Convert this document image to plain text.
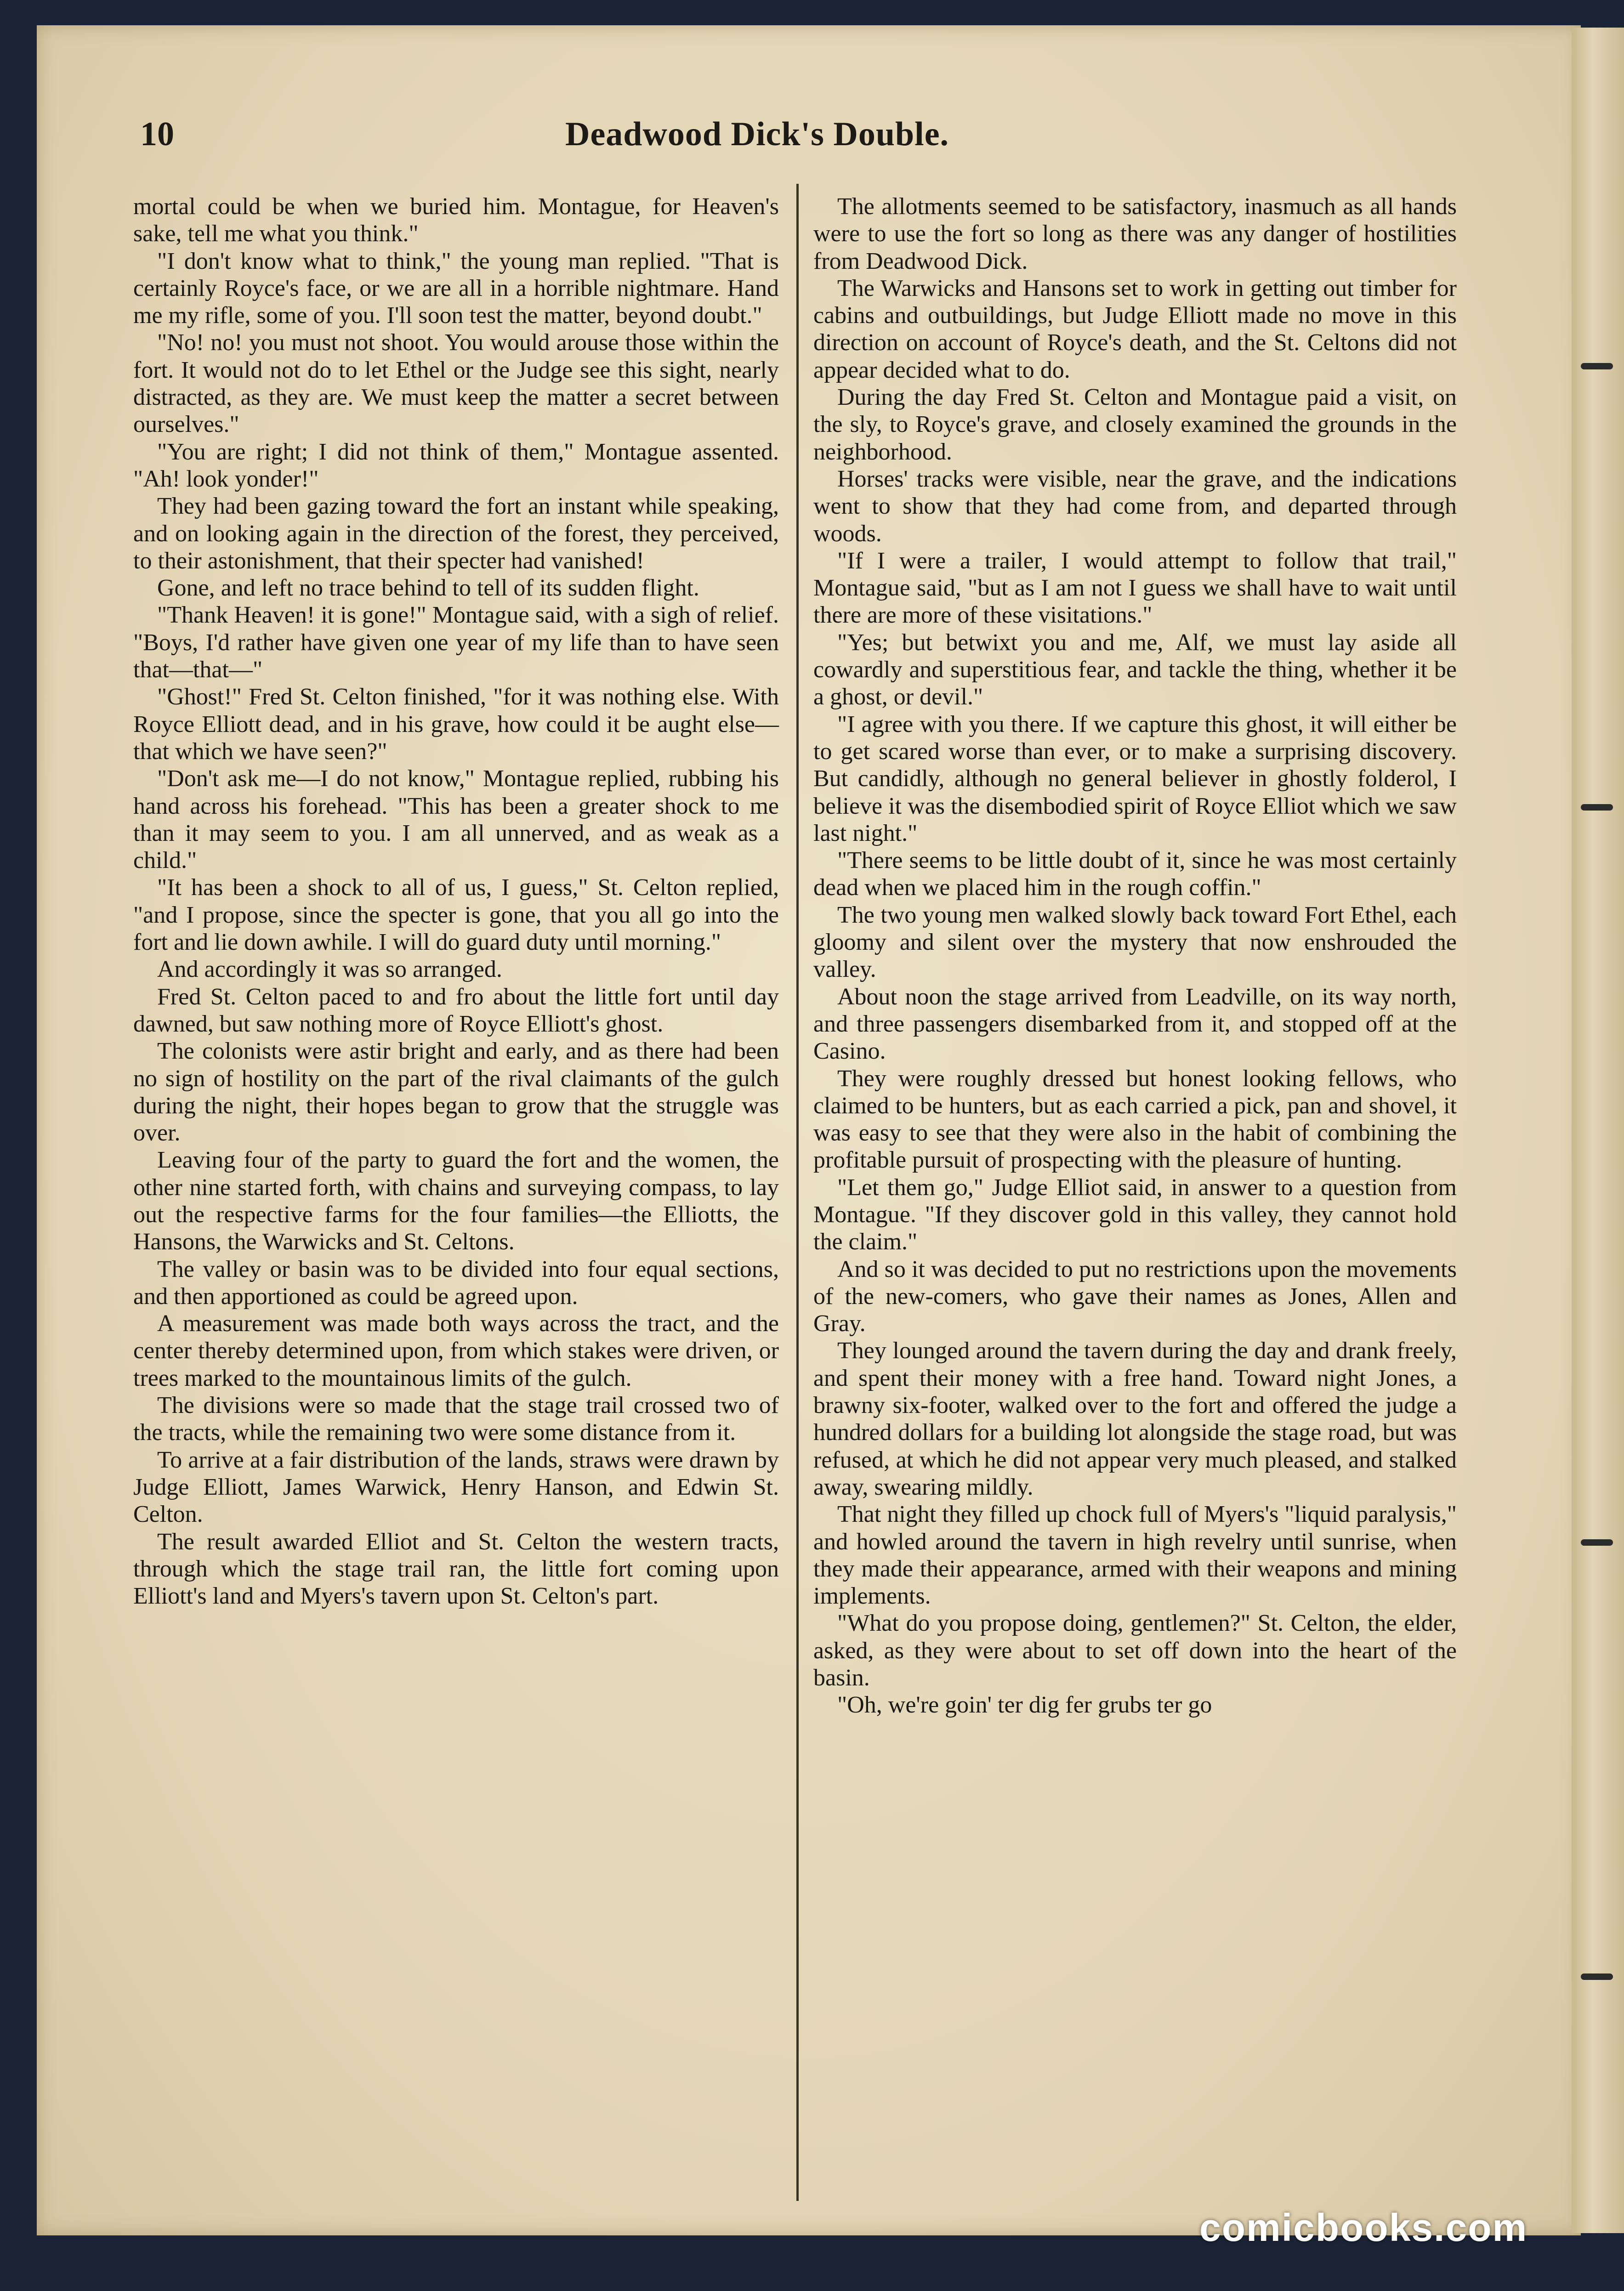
10	Deadwood Dick's Double.

mortal could be when we buried him. Montague, for Heaven's sake, tell me what you think."

"I don't know what to think," the young man replied. "That is certainly Royce's face, or we are all in a horrible nightmare. Hand me my rifle, some of you. I'll soon test the matter, beyond doubt."

"No! no! you must not shoot. You would arouse those within the fort. It would not do to let Ethel or the Judge see this sight, nearly distracted, as they are. We must keep the matter a secret between ourselves."

"You are right; I did not think of them," Montague assented. "Ah! look yonder!"

They had been gazing toward the fort an instant while speaking, and on looking again in the direction of the forest, they perceived, to their astonishment, that their specter had vanished!

Gone, and left no trace behind to tell of its sudden flight.

"Thank Heaven! it is gone!" Montague said, with a sigh of relief. "Boys, I'd rather have given one year of my life than to have seen that—that—"

"Ghost!" Fred St. Celton finished, "for it was nothing else. With Royce Elliott dead, and in his grave, how could it be aught else—that which we have seen?"

"Don't ask me—I do not know," Montague replied, rubbing his hand across his forehead. "This has been a greater shock to me than it may seem to you. I am all unnerved, and as weak as a child."

"It has been a shock to all of us, I guess," St. Celton replied, "and I propose, since the specter is gone, that you all go into the fort and lie down awhile. I will do guard duty until morning."

And accordingly it was so arranged.

Fred St. Celton paced to and fro about the little fort until day dawned, but saw nothing more of Royce Elliott's ghost.

The colonists were astir bright and early, and as there had been no sign of hostility on the part of the rival claimants of the gulch during the night, their hopes began to grow that the struggle was over.

Leaving four of the party to guard the fort and the women, the other nine started forth, with chains and surveying compass, to lay out the respective farms for the four families—the Elliotts, the Hansons, the Warwicks and St. Celtons.

The valley or basin was to be divided into four equal sections, and then apportioned as could be agreed upon.

A measurement was made both ways across the tract, and the center thereby determined upon, from which stakes were driven, or trees marked to the mountainous limits of the gulch.

The divisions were so made that the stage trail crossed two of the tracts, while the remaining two were some distance from it.

To arrive at a fair distribution of the lands, straws were drawn by Judge Elliott, James Warwick, Henry Hanson, and Edwin St. Celton.

The result awarded Elliot and St. Celton the western tracts, through which the stage trail ran, the little fort coming upon Elliott's land and Myers's tavern upon St. Celton's part.

The allotments seemed to be satisfactory, inasmuch as all hands were to use the fort so long as there was any danger of hostilities from Deadwood Dick.

The Warwicks and Hansons set to work in getting out timber for cabins and outbuildings, but Judge Elliott made no move in this direction on account of Royce's death, and the St. Celtons did not appear decided what to do.

During the day Fred St. Celton and Montague paid a visit, on the sly, to Royce's grave, and closely examined the grounds in the neighborhood.

Horses' tracks were visible, near the grave, and the indications went to show that they had come from, and departed through woods.

"If I were a trailer, I would attempt to follow that trail," Montague said, "but as I am not I guess we shall have to wait until there are more of these visitations."

"Yes; but betwixt you and me, Alf, we must lay aside all cowardly and superstitious fear, and tackle the thing, whether it be a ghost, or devil."

"I agree with you there. If we capture this ghost, it will either be to get scared worse than ever, or to make a surprising discovery. But candidly, although no general believer in ghostly folderol, I believe it was the disembodied spirit of Royce Elliot which we saw last night."

"There seems to be little doubt of it, since he was most certainly dead when we placed him in the rough coffin."

The two young men walked slowly back toward Fort Ethel, each gloomy and silent over the mystery that now enshrouded the valley.

About noon the stage arrived from Leadville, on its way north, and three passengers disembarked from it, and stopped off at the Casino.

They were roughly dressed but honest looking fellows, who claimed to be hunters, but as each carried a pick, pan and shovel, it was easy to see that they were also in the habit of combining the profitable pursuit of prospecting with the pleasure of hunting.

"Let them go," Judge Elliot said, in answer to a question from Montague. "If they discover gold in this valley, they cannot hold the claim."

And so it was decided to put no restrictions upon the movements of the new-comers, who gave their names as Jones, Allen and Gray.

They lounged around the tavern during the day and drank freely, and spent their money with a free hand. Toward night Jones, a brawny six-footer, walked over to the fort and offered the judge a hundred dollars for a building lot alongside the stage road, but was refused, at which he did not appear very much pleased, and stalked away, swearing mildly.

That night they filled up chock full of Myers's "liquid paralysis," and howled around the tavern in high revelry until sunrise, when they made their appearance, armed with their weapons and mining implements.

"What do you propose doing, gentlemen?" St. Celton, the elder, asked, as they were about to set off down into the heart of the basin.

"Oh, we're goin' ter dig fer grubs ter go

comicbooks.com
